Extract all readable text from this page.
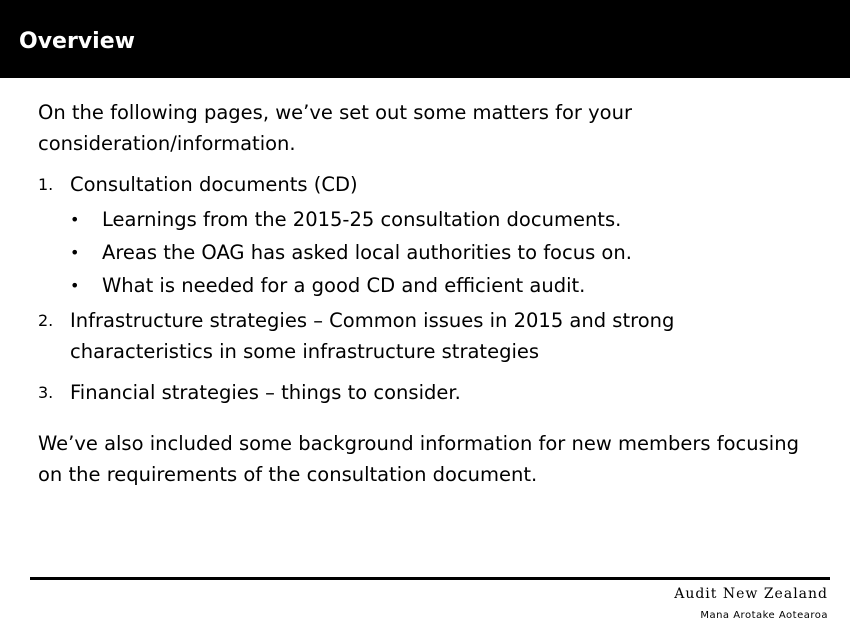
Overview

On the following pages, we’ve set out some matters for your consideration/information.

1. Consultation documents (CD)
• Learnings from the 2015-25 consultation documents.
• Areas the OAG has asked local authorities to focus on.
• What is needed for a good CD and efficient audit.
2. Infrastructure strategies – Common issues in 2015 and strong characteristics in some infrastructure strategies
3. Financial strategies – things to consider.

We’ve also included some background information for new members focusing on the requirements of the consultation document.

Audit New Zealand
Mana Arotake Aotearoa
